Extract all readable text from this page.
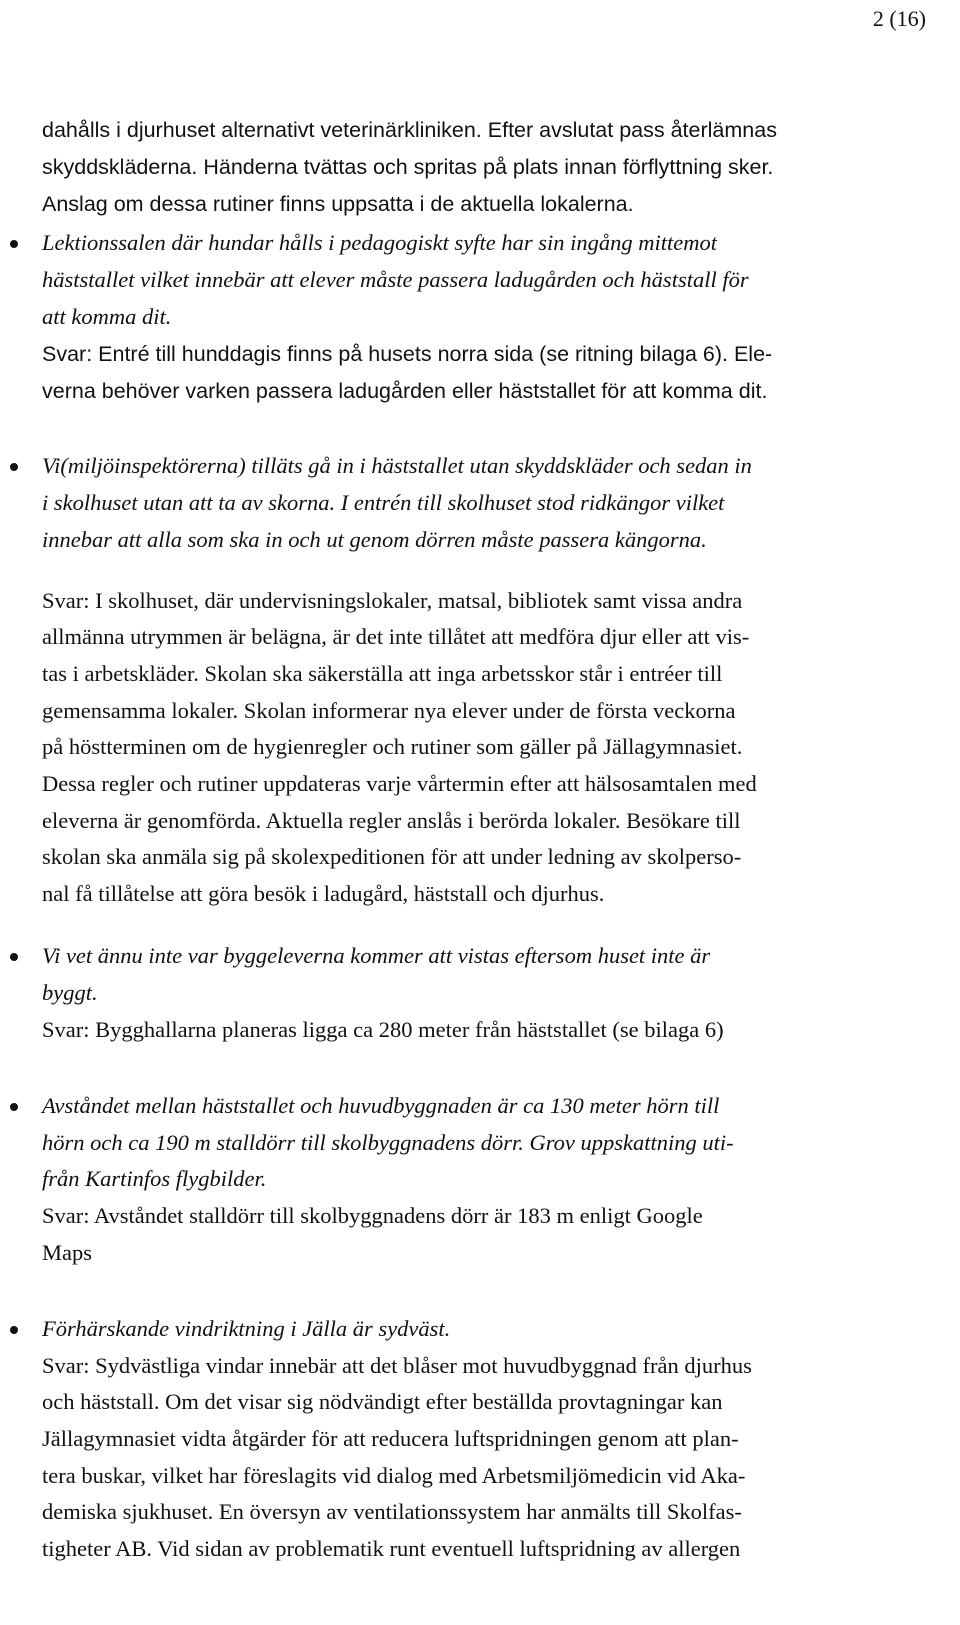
2 (16)
dahålls i djurhuset alternativt veterinärkliniken. Efter avslutat pass återlämnas
skyddskläderna. Händerna tvättas och spritas på plats innan förflyttning sker.
Anslag om dessa rutiner finns uppsatta i de aktuella lokalerna.
Lektionssalen där hundar hålls i pedagogiskt syfte har sin ingång mittemot
häststallet vilket innebär att elever måste passera ladugården och häststall för
att komma dit.
Svar: Entré till hunddagis finns på husets norra sida (se ritning bilaga 6). Ele-
verna behöver varken passera ladugården eller häststallet för att komma dit.
Vi(miljöinspektörerna) tilläts gå in i häststallet utan skyddskläder och sedan in
i skolhuset utan att ta av skorna. I entrén till skolhuset stod ridkängor vilket
innebar att alla som ska in och ut genom dörren måste passera kängorna.
Svar: I skolhuset, där undervisningslokaler, matsal, bibliotek samt vissa andra
allmänna utrymmen är belägna, är det inte tillåtet att medföra djur eller att vis-
tas i arbetskläder. Skolan ska säkerställa att inga arbetsskor står i entréer till
gemensamma lokaler. Skolan informerar nya elever under de första veckorna
på höstterminen om de hygienregler och rutiner som gäller på Jällagymnasiet.
Dessa regler och rutiner uppdateras varje vårtermin efter att hälsosamtalen med
eleverna är genomförda. Aktuella regler anslås i berörda lokaler. Besökare till
skolan ska anmäla sig på skolexpeditionen för att under ledning av skolperso-
nal få tillåtelse att göra besök i ladugård, häststall och djurhus.
Vi vet ännu inte var byggeleverna kommer att vistas eftersom huset inte är
byggt.
Svar: Bygghallarna planeras ligga ca 280 meter från häststallet (se bilaga 6)
Avståndet mellan häststallet och huvudbyggnaden är ca 130 meter hörn till
hörn och ca 190 m stalldörr till skolbyggnadens dörr. Grov uppskattning uti-
från Kartinfos flygbilder.
Svar: Avståndet stalldörr till skolbyggnadens dörr är 183 m enligt Google
Maps
Förhärskande vindriktning i Jälla är sydväst.
Svar: Sydvästliga vindar innebär att det blåser mot huvudbyggnad från djurhus
och häststall. Om det visar sig nödvändigt efter beställda provtagningar kan
Jällagymnasiet vidta åtgärder för att reducera luftspridningen genom att plan-
tera buskar, vilket har föreslagits vid dialog med Arbetsmiljömedicin vid Aka-
demiska sjukhuset. En översyn av ventilationssystem har anmälts till Skolfas-
tigheter AB. Vid sidan av problematik runt eventuell luftspridning av allergen
